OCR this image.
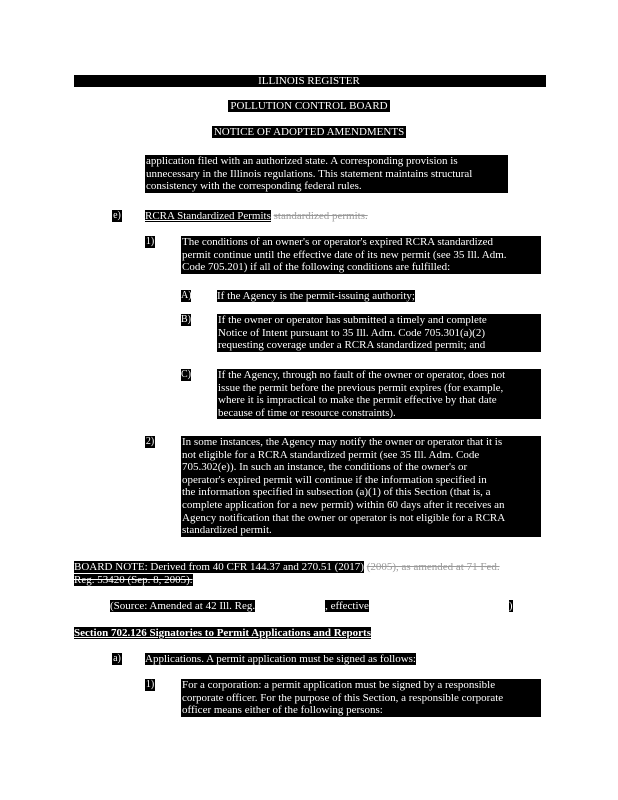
ILLINOIS REGISTER
POLLUTION CONTROL BOARD
NOTICE OF ADOPTED AMENDMENTS
application filed with an authorized state. A corresponding provision is
unnecessary in the Illinois regulations. This statement maintains structural
consistency with the corresponding federal rules.
e) RCRA Standardized Permits standardized permits.
1)	The conditions of an owner's or operator's expired RCRA standardized
permit continue until the effective date of its new permit (see 35 Ill. Adm.
Code 705.201) if all of the following conditions are fulfilled:
A) If the Agency is the permit-issuing authority;
B) If the owner or operator has submitted a timely and complete
Notice of Intent pursuant to 35 Ill. Adm. Code 705.301(a)(2)
requesting coverage under a RCRA standardized permit; and
C) If the Agency, through no fault of the owner or operator, does not
issue the permit before the previous permit expires (for example,
where it is impractical to make the permit effective by that date
because of time or resource constraints).
2)	In some instances, the Agency may notify the owner or operator that it is
not eligible for a RCRA standardized permit (see 35 Ill. Adm. Code
705.302(e)). In such an instance, the conditions of the owner's or
operator's expired permit will continue if the information specified in
the information specified in subsection (a)(1) of this Section (that is, a
complete application for a new permit) within 60 days after it receives an
Agency notification that the owner or operator is not eligible for a RCRA
standardized permit.
BOARD NOTE: Derived from 40 CFR 144.37 and 270.51 (2017) (2005), as amended at 71 Fed.
Reg. 53420 (Sep. 8, 2005).
(Source: Amended at 42 Ill. Reg.	, effective	)
Section 702.126 Signatories to Permit Applications and Reports
a) Applications. A permit application must be signed as follows:
1)	For a corporation: a permit application must be signed by a responsible
corporate officer. For the purpose of this Section, a responsible corporate
officer means either of the following persons:
